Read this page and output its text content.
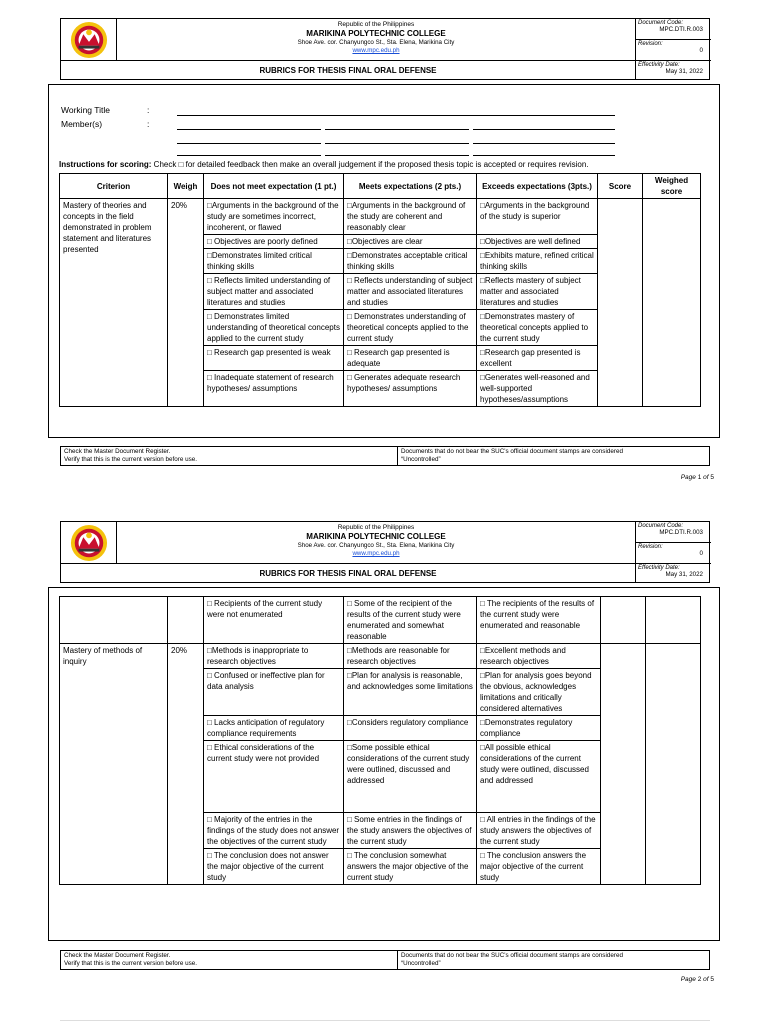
Republic of the Philippines
MARIKINA POLYTECHNIC COLLEGE
Shoe Ave. cor. Chanyungco St., Sta. Elena, Marikina City
www.mpc.edu.ph
RUBRICS FOR THESIS FINAL ORAL DEFENSE
Document Code:
MPC.DTI.R.003
Revision:
0
Effectivity Date:
May 31, 2022
Working Title	:
Member(s)	:
Instructions for scoring: Check □ for detailed feedback then make an overall judgement if the proposed thesis topic is accepted or requires revision.
Criterion	Weigh	Does not meet expectation (1 pt.)	Meets expectations (2 pts.)	Exceeds expectations (3pts.)	Score	Weighed score
Mastery of theories and concepts in the field demonstrated in problem statement and literatures presented	20%	□Arguments in the background of the study are sometimes incorrect, incoherent, or flawed	□Arguments in the background of the study are coherent and reasonably clear	□Arguments in the background of the study is superior		
		□ Objectives are poorly defined	□Objectives are clear	□Objectives are well defined		
		□Demonstrates limited critical thinking skills	□Demonstrates acceptable critical thinking skills	□Exhibits mature, refined critical thinking skills		
		□ Reflects limited understanding of subject matter and associated literatures and studies	□ Reflects understanding of subject matter and associated literatures and studies	□Reflects mastery of subject matter and associated literatures and studies		
		□ Demonstrates limited understanding of theoretical concepts applied to the current study	□ Demonstrates understanding of theoretical concepts applied to the current study	□Demonstrates mastery of theoretical concepts applied to the current study		
		□ Research gap presented is weak	□ Research gap presented is adequate	□Research gap presented is excellent		
		□ Inadequate statement of research hypotheses/ assumptions	□ Generates adequate research hypotheses/ assumptions	□Generates well-reasoned and well-supported hypotheses/assumptions		
Check the Master Document Register.
Verify that this is the current version before use.
Documents that do not bear the SUC's official document stamps are considered
“Uncontrolled”
Page 1 of 5
Republic of the Philippines
MARIKINA POLYTECHNIC COLLEGE
Shoe Ave. cor. Chanyungco St., Sta. Elena, Marikina City
www.mpc.edu.ph
RUBRICS FOR THESIS FINAL ORAL DEFENSE
Document Code:
MPC.DTI.R.003
Revision:
0
Effectivity Date:
May 31, 2022
		□ Recipients of the current study were not enumerated	□ Some of the recipient of the results of the current study were enumerated and somewhat reasonable	□ The recipients of the results of the current study were enumerated and reasonable		
Mastery of methods of inquiry	20%	□Methods is inappropriate to research objectives	□Methods are reasonable for research objectives	□Excellent methods and research objectives		
		□ Confused or ineffective plan for data analysis	□Plan for analysis is reasonable, and acknowledges some limitations	□Plan for analysis goes beyond the obvious, acknowledges limitations and critically considered alternatives		
		□ Lacks anticipation of regulatory compliance requirements	□Considers regulatory compliance	□Demonstrates regulatory compliance		
		□ Ethical considerations of the current study were not provided	□Some possible ethical considerations of the current study were outlined, discussed and addressed	□All possible ethical considerations of the current study were outlined, discussed and addressed		
		□ Majority of the entries in the findings of the study does not answer the objectives of the current study	□ Some entries in the findings of the study answers the objectives of the current study	□ All entries in the findings of the study answers the objectives of the current study		
		□ The conclusion does not answer the major objective of the current study	□ The conclusion somewhat answers the major objective of the current study	□ The conclusion answers the major objective of the current study		
Check the Master Document Register.
Verify that this is the current version before use.
Documents that do not bear the SUC's official document stamps are considered
“Uncontrolled”
Page 2 of 5
